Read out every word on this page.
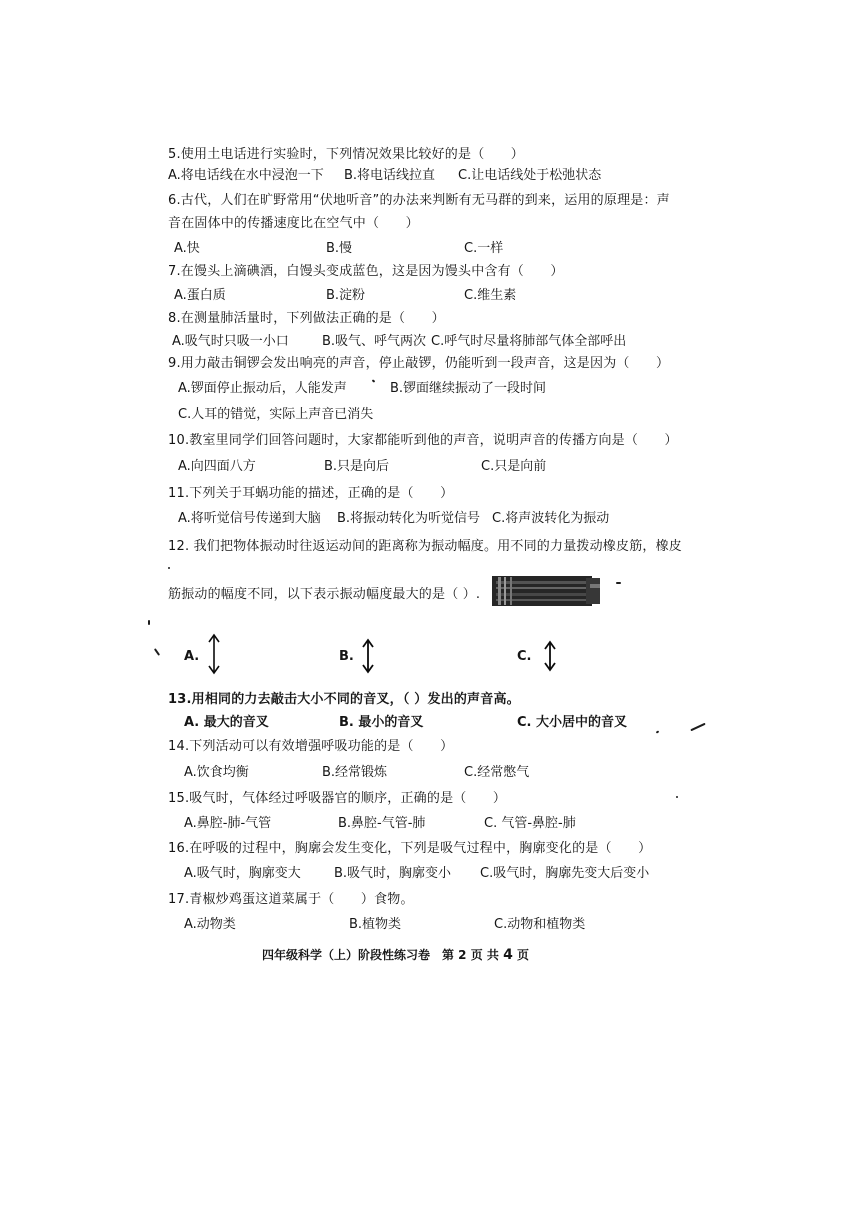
5.使用土电话进行实验时，下列情况效果比较好的是（　　）
A.将电话线在水中浸泡一下 B.将电话线拉直 C.让电话线处于松弛状态
6.古代，人们在旷野常用“伏地听音”的办法来判断有无马群的到来，运用的原理是：声
音在固体中的传播速度比在空气中（　　）
A.快	B.慢	C.一样
7.在馒头上滴碘酒，白馒头变成蓝色，这是因为馒头中含有（　　）
A.蛋白质	B.淀粉	C.维生素
8.在测量肺活量时，下列做法正确的是（　　）
A.吸气时只吸一小口	B.吸气、呼气两次 C.呼气时尽量将肺部气体全部呼出
9.用力敲击铜锣会发出响亮的声音，停止敲锣，仍能听到一段声音，这是因为（　　）
A.锣面停止振动后，人能发声	B.锣面继续振动了一段时间
C.人耳的错觉，实际上声音已消失
10.教室里同学们回答问题时，大家都能听到他的声音，说明声音的传播方向是（　　）
A.向四面八方	B.只是向后	C.只是向前
11.下列关于耳蜗功能的描述，正确的是（　　）
A.将听觉信号传递到大脑 B.将振动转化为听觉信号 C.将声波转化为振动
12. 我们把物体振动时往返运动间的距离称为振动幅度。用不同的力量拨动橡皮筋，橡皮
筋振动的幅度不同，以下表示振动幅度最大的是（ ）.
A.	B.	C.
13.用相同的力去敲击大小不同的音叉，（ ）发出的声音高。
A. 最大的音叉	B. 最小的音叉	C. 大小居中的音叉
14.下列活动可以有效增强呼吸功能的是（　　）
A.饮食均衡	B.经常锻炼	C.经常憋气
15.吸气时，气体经过呼吸器官的顺序，正确的是（　　）
A.鼻腔-肺-气管	B.鼻腔-气管-肺	C. 气管-鼻腔-肺
16.在呼吸的过程中，胸廓会发生变化，下列是吸气过程中，胸廓变化的是（　　）
A.吸气时，胸廓变大	B.吸气时，胸廓变小 C.吸气时，胸廓先变大后变小
17.青椒炒鸡蛋这道菜属于（　　）食物。
A.动物类	B.植物类	C.动物和植物类
四年级科学（上）阶段性练习卷　第 2 页 共 4 页
